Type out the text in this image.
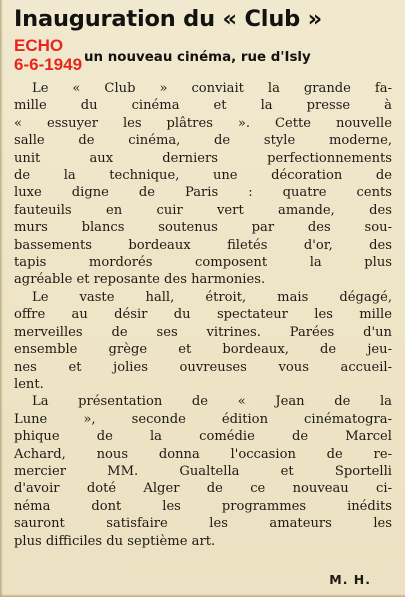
Inauguration du « Club »
ECHO
6-6-1949 un nouveau cinéma, rue d'Isly

Le « Club » conviait la grande fa-
mille du cinéma et la presse à
« essuyer les plâtres ». Cette nouvelle
salle de cinéma, de style moderne,
unit aux derniers perfectionnements
de la technique, une décoration de
luxe digne de Paris : quatre cents
fauteuils en cuir vert amande, des
murs blancs soutenus par des sou-
bassements bordeaux filetés d'or, des
tapis mordorés composent la plus
agréable et reposante des harmonies.

Le vaste hall, étroit, mais dégagé,
offre au désir du spectateur les mille
merveilles de ses vitrines. Parées d'un
ensemble grège et bordeaux, de jeu-
nes et jolies ouvreuses vous accueil-
lent.

La présentation de « Jean de la
Lune », seconde édition cinématogra-
phique de la comédie de Marcel
Achard, nous donna l'occasion de re-
mercier MM. Gualtella et Sportelli
d'avoir doté Alger de ce nouveau ci-
néma dont les programmes inédits
sauront satisfaire les amateurs les
plus difficiles du septième art.

M. H.
